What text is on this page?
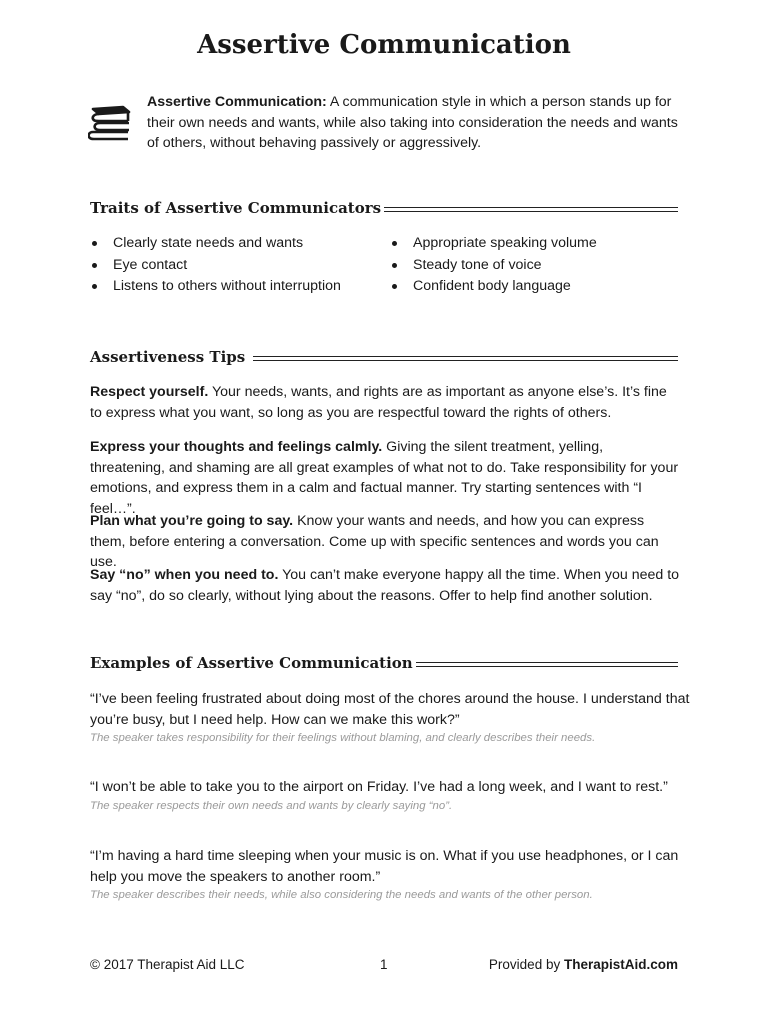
Assertive Communication

Assertive Communication: A communication style in which a person stands up for their own needs and wants, while also taking into consideration the needs and wants of others, without behaving passively or aggressively.

Traits of Assertive Communicators
Clearly state needs and wants
Eye contact
Listens to others without interruption
Appropriate speaking volume
Steady tone of voice
Confident body language
Assertiveness Tips

Respect yourself. Your needs, wants, and rights are as important as anyone else’s. It’s fine to express what you want, so long as you are respectful toward the rights of others.

Express your thoughts and feelings calmly. Giving the silent treatment, yelling, threatening, and shaming are all great examples of what not to do. Take responsibility for your emotions, and express them in a calm and factual manner. Try starting sentences with “I feel…”.

Plan what you’re going to say. Know your wants and needs, and how you can express them, before entering a conversation. Come up with specific sentences and words you can use.

Say “no” when you need to. You can’t make everyone happy all the time. When you need to say “no”, do so clearly, without lying about the reasons. Offer to help find another solution.

Examples of Assertive Communication

“I’ve been feeling frustrated about doing most of the chores around the house. I understand that you’re busy, but I need help. How can we make this work?”

The speaker takes responsibility for their feelings without blaming, and clearly describes their needs.

“I won’t be able to take you to the airport on Friday. I’ve had a long week, and I want to rest.”

The speaker respects their own needs and wants by clearly saying “no”.

“I’m having a hard time sleeping when your music is on. What if you use headphones, or I can help you move the speakers to another room.”

The speaker describes their needs, while also considering the needs and wants of the other person.

© 2017 Therapist Aid LLC	1	Provided by TherapistAid.com
